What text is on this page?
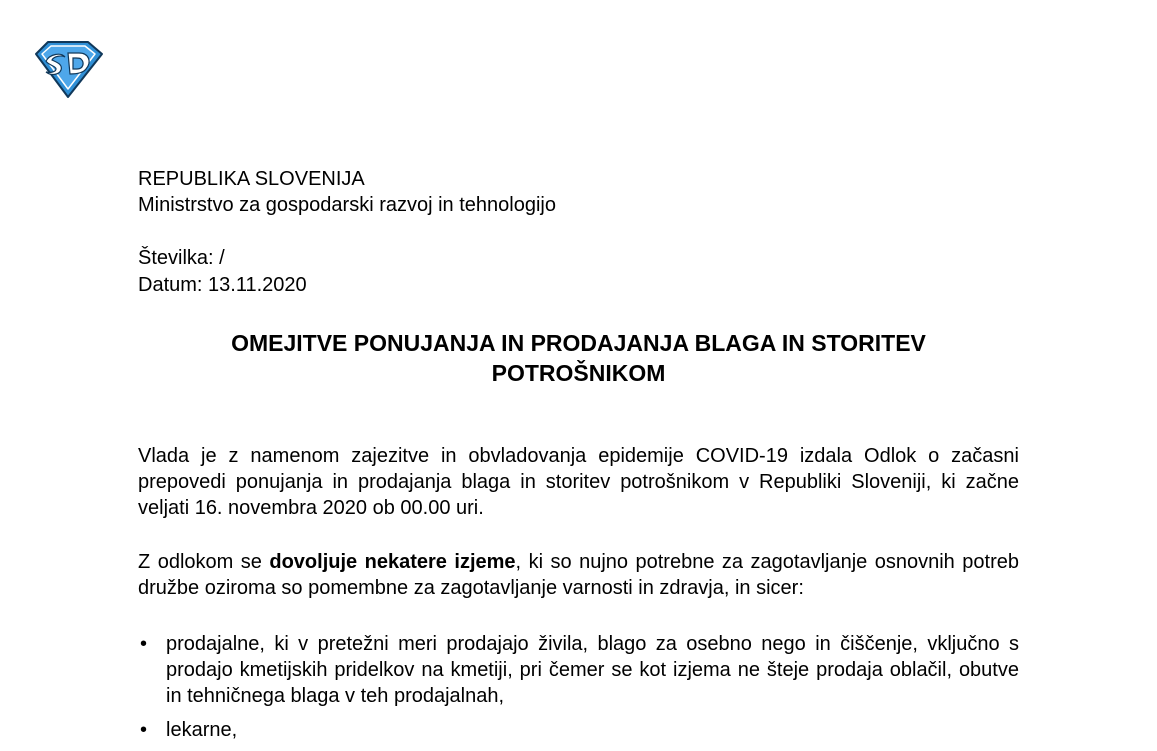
REPUBLIKA SLOVENIJA
Ministrstvo za gospodarski razvoj in tehnologijo
Številka: /
Datum: 13.11.2020
OMEJITVE PONUJANJA IN PRODAJANJA BLAGA IN STORITEV
POTROŠNIKOM
Vlada je z namenom zajezitve in obvladovanja epidemije COVID-19 izdala Odlok o začasni prepovedi ponujanja in prodajanja blaga in storitev potrošnikom v Republiki Sloveniji, ki začne veljati 16. novembra 2020 ob 00.00 uri.
Z odlokom se dovoljuje nekatere izjeme, ki so nujno potrebne za zagotavljanje osnovnih potreb družbe oziroma so pomembne za zagotavljanje varnosti in zdravja, in sicer:
• prodajalne, ki v pretežni meri prodajajo živila, blago za osebno nego in čiščenje, vključno s prodajo kmetijskih pridelkov na kmetiji, pri čemer se kot izjema ne šteje prodaja oblačil, obutve in tehničnega blaga v teh prodajalnah,
• lekarne,
